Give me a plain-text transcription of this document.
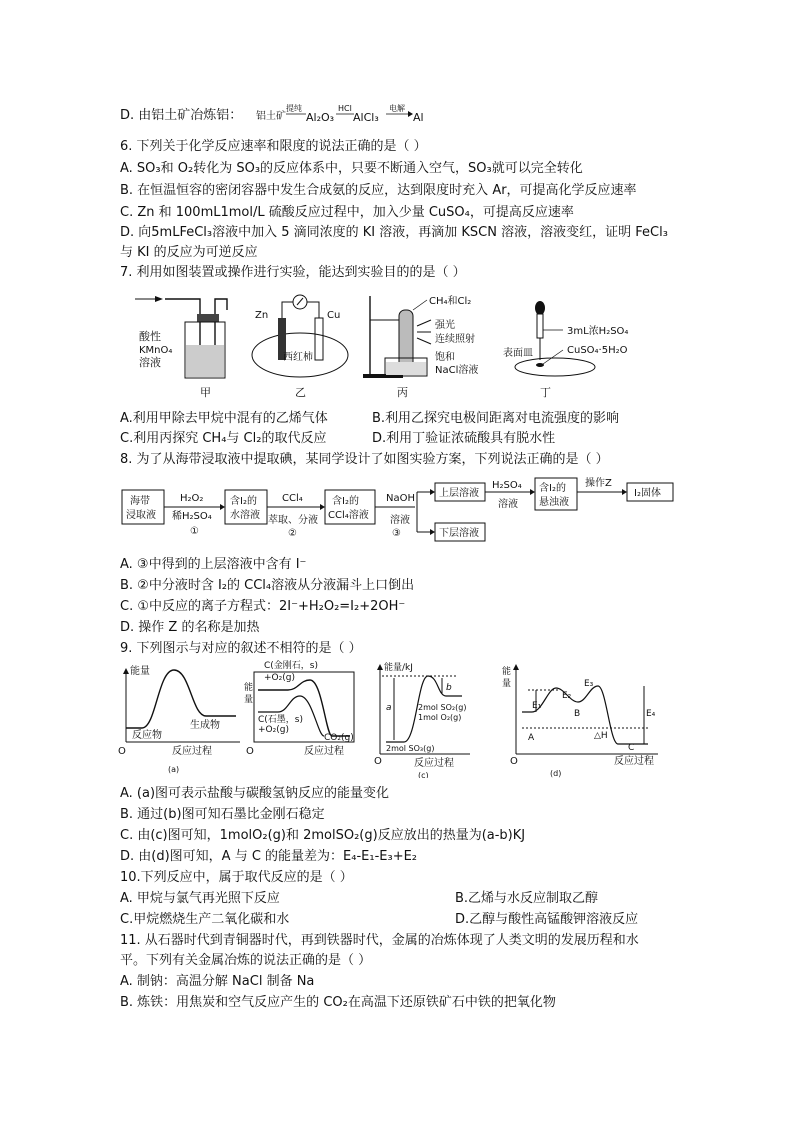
D. 由铝土矿冶炼铝： 铝土矿
提纯
Al₂O₃
HCl
AlCl₃
电解
Al
6. 下列关于化学反应速率和限度的说法正确的是（ ）
A. SO₃和 O₂转化为 SO₃的反应体系中，只要不断通入空气，SO₃就可以完全转化
B. 在恒温恒容的密闭容器中发生合成氨的反应，达到限度时充入 Ar，可提高化学反应速率
C. Zn 和 100mL1mol/L 硫酸反应过程中，加入少量 CuSO₄，可提高反应速率
D. 向5mLFeCl₃溶液中加入 5 滴同浓度的 KI 溶液，再滴加 KSCN 溶液，溶液变红，证明 FeCl₃
与 KI 的反应为可逆反应
7. 利用如图装置或操作进行实验，能达到实验目的的是（ ）
酸性
KMnO₄
溶液
甲
Zn	Cu
西红柿
乙
CH₄和Cl₂
强光
连续照射
饱和
NaCl溶液
丙
3mL浓H₂SO₄
CuSO₄·5H₂O
表面皿
丁
A.利用甲除去甲烷中混有的乙烯气体	B.利用乙探究电极间距离对电流强度的影响
C.利用丙探究 CH₄与 Cl₂的取代反应	D.利用丁验证浓硫酸具有脱水性
8. 为了从海带浸取液中提取碘，某同学设计了如图实验方案，下列说法正确的是（ ）
海带
浸取液
H₂O₂
稀H₂SO₄
①
含I₂的
水溶液
CCl₄
萃取、分液
②
含I₂的
CCl₄溶液
NaOH
溶液
③
上层溶液
下层溶液
H₂SO₄
溶液
含I₂的
悬浊液
操作Z
I₂固体
A. ③中得到的上层溶液中含有 I⁻
B. ②中分液时含 I₂的 CCl₄溶液从分液漏斗上口倒出
C. ①中反应的离子方程式：2I⁻+H₂O₂=I₂+2OH⁻
D. 操作 Z 的名称是加热
9. 下列图示与对应的叙述不相符的是（ ）
能量
反应物
生成物
O	反应过程
(a)
C(金刚石，s)
+O₂(g)
能
量
C(石墨，s)
+O₂(g)
CO₂(g)
O	反应过程
能量/kJ
a
b
2mol SO₂(g)
1mol O₂(g)
2mol SO₃(g)
O	反应过程
(c)
能
量
E₁
E₂
E₃
E₄
A
B
C
△H
O	反应过程
(d)
A. (a)图可表示盐酸与碳酸氢钠反应的能量变化
B. 通过(b)图可知石墨比金刚石稳定
C. 由(c)图可知，1molO₂(g)和 2molSO₂(g)反应放出的热量为(a-b)KJ
D. 由(d)图可知，A 与 C 的能量差为：E₄-E₁-E₃+E₂
10.下列反应中，属于取代反应的是（ ）
A. 甲烷与氯气再光照下反应	B.乙烯与水反应制取乙醇
C.甲烷燃烧生产二氧化碳和水	D.乙醇与酸性高锰酸钾溶液反应
11. 从石器时代到青铜器时代，再到铁器时代，金属的冶炼体现了人类文明的发展历程和水
平。下列有关金属冶炼的说法正确的是（ ）
A. 制钠：高温分解 NaCl 制备 Na
B. 炼铁：用焦炭和空气反应产生的 CO₂在高温下还原铁矿石中铁的把氧化物
